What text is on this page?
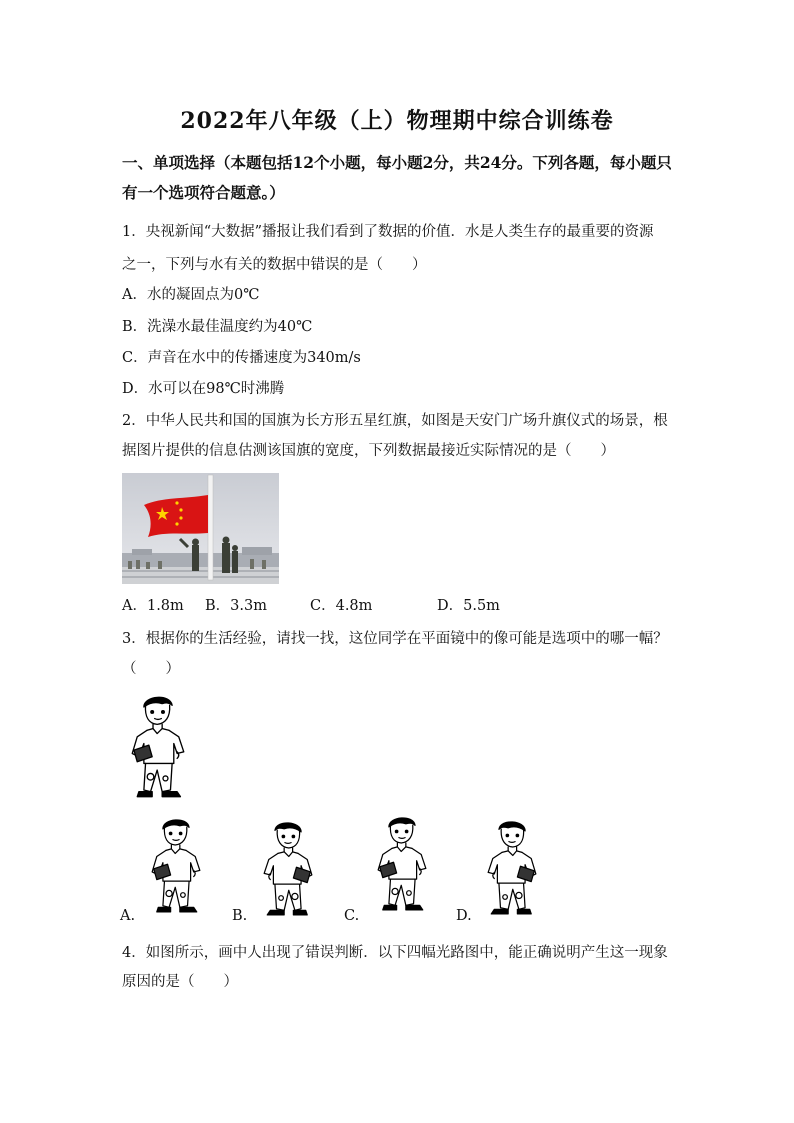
2022年八年级（上）物理期中综合训练卷
一、单项选择（本题包括12个小题，每小题2分，共24分。下列各题，每小题只有一个选项符合题意。）
1．央视新闻“大数据”播报让我们看到了数据的价值．水是人类生存的最重要的资源
之一，下列与水有关的数据中错误的是（　　）
A．水的凝固点为0℃
B．洗澡水最佳温度约为40℃
C．声音在水中的传播速度为340m/s
D．水可以在98℃时沸腾
2．中华人民共和国的国旗为长方形五星红旗，如图是天安门广场升旗仪式的场景，根
据图片提供的信息估测该国旗的宽度，下列数据最接近实际情况的是（　　）
A．1.8m B．3.3m	C．4.8m	D．5.5m
3．根据你的生活经验，请找一找，这位同学在平面镜中的像可能是选项中的哪一幅？
（　　）
A.	B.	C.	D.
4．如图所示，画中人出现了错误判断．以下四幅光路图中，能正确说明产生这一现象
原因的是（　　）
